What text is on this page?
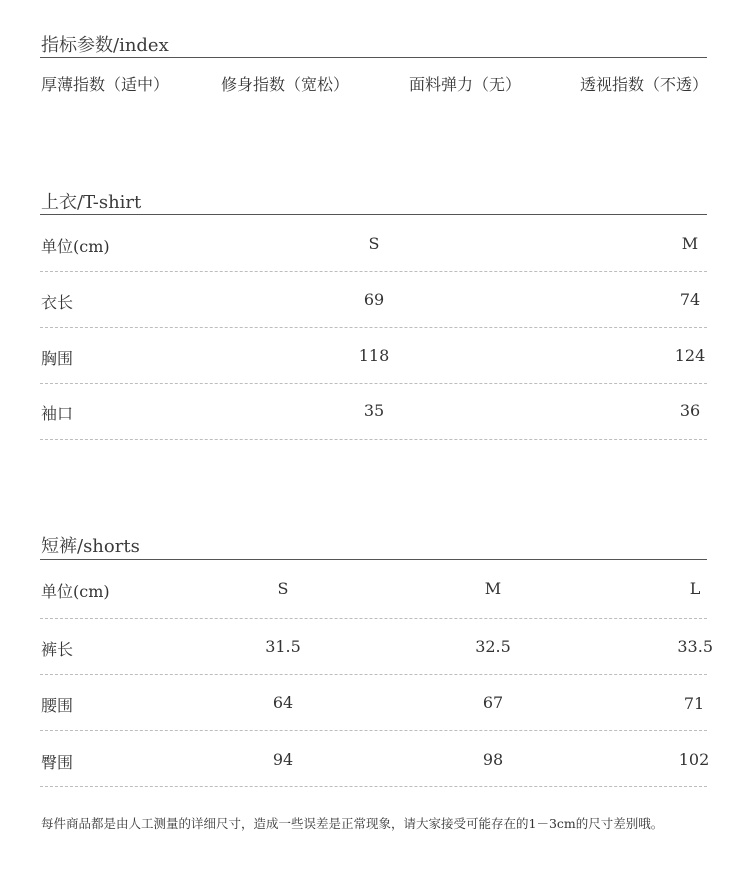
指标参数/index
厚薄指数（适中）	修身指数（宽松）	面料弹力（无）	透视指数（不透）
上衣/T-shirt
单位(cm)	S	M
衣长	69	74
胸围	118	124
袖口	35	36
短裤/shorts
单位(cm)	S	M	L
裤长	31.5	32.5	33.5
腰围	64	67	71
臀围	94	98	102
每件商品都是由人工测量的详细尺寸，造成一些误差是正常现象，请大家接受可能存在的1－3cm的尺寸差别哦。
